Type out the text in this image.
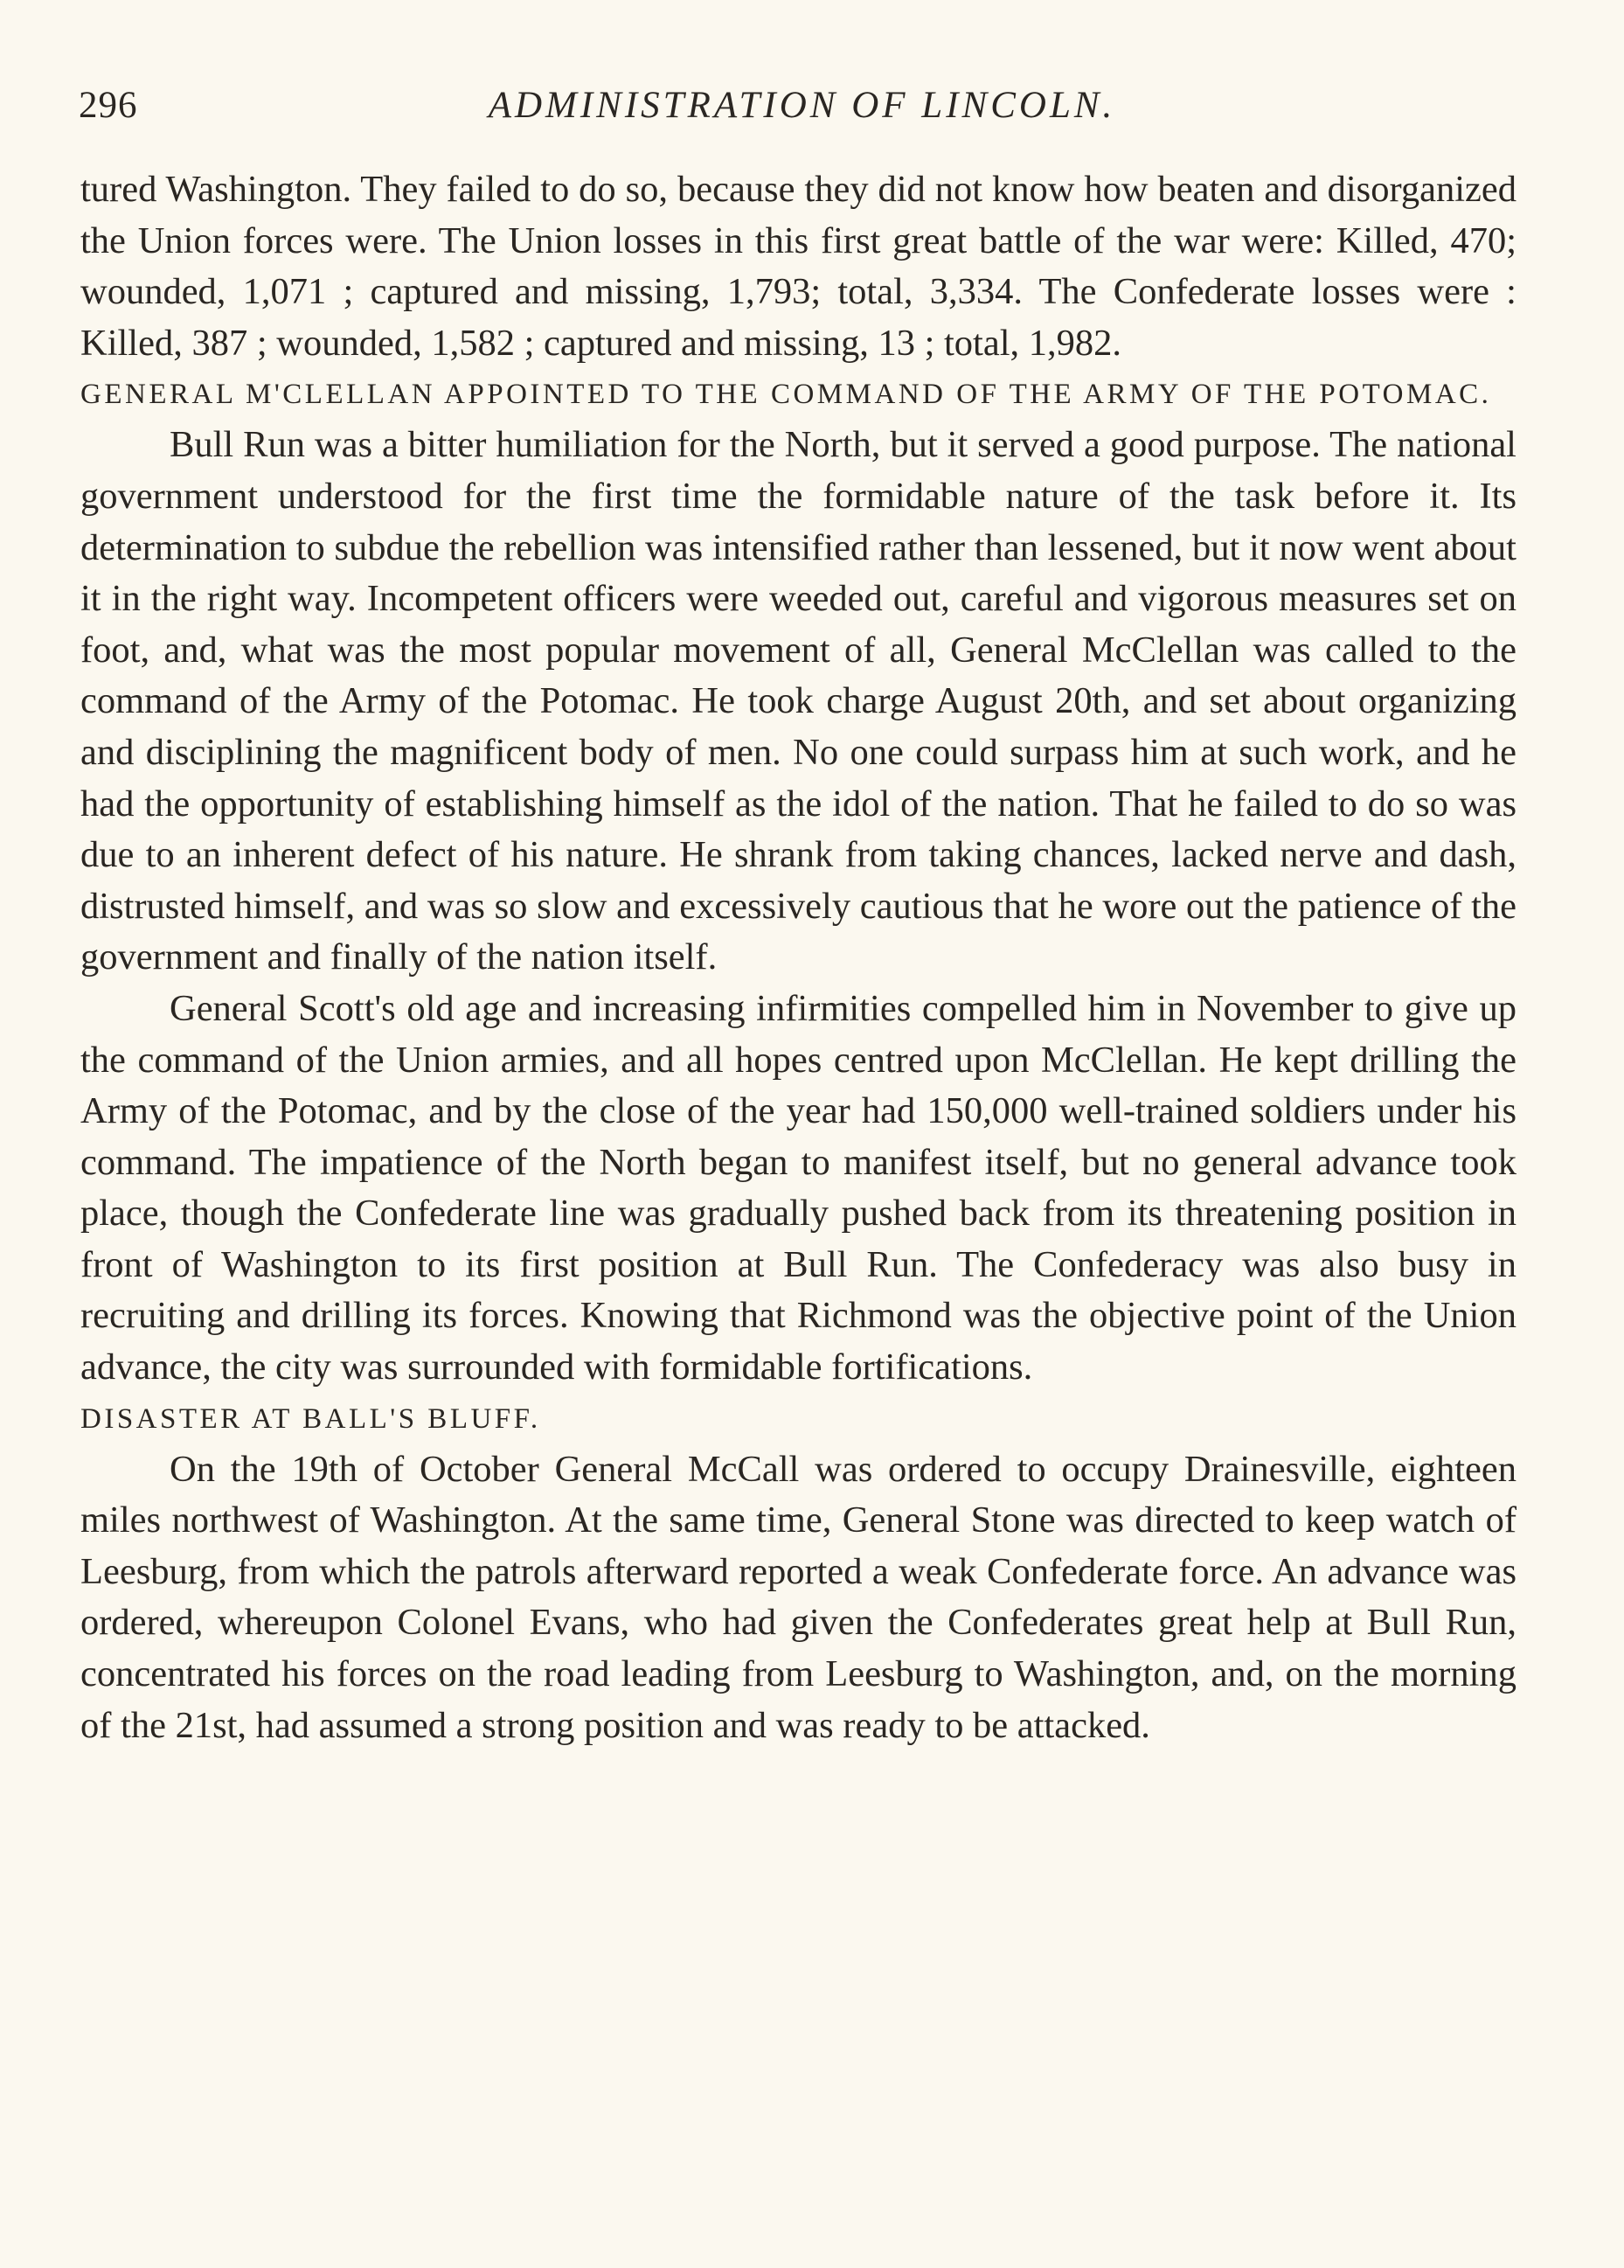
296	ADMINISTRATION OF LINCOLN.

tured Washington. They failed to do so, because they did not know how beaten and disorganized the Union forces were. The Union losses in this first great battle of the war were: Killed, 470; wounded, 1,071 ; captured and missing, 1,793; total, 3,334. The Confederate losses were : Killed, 387 ; wounded, 1,582 ; captured and missing, 13 ; total, 1,982.

GENERAL M'CLELLAN APPOINTED TO THE COMMAND OF THE ARMY OF THE POTOMAC.

Bull Run was a bitter humiliation for the North, but it served a good purpose. The national government understood for the first time the formidable nature of the task before it. Its determination to subdue the rebellion was intensified rather than lessened, but it now went about it in the right way. Incompetent officers were weeded out, careful and vigorous measures set on foot, and, what was the most popular movement of all, General McClellan was called to the command of the Army of the Potomac. He took charge August 20th, and set about organizing and disciplining the magnificent body of men. No one could surpass him at such work, and he had the opportunity of establishing himself as the idol of the nation. That he failed to do so was due to an inherent defect of his nature. He shrank from taking chances, lacked nerve and dash, distrusted himself, and was so slow and excessively cautious that he wore out the patience of the government and finally of the nation itself.

General Scott's old age and increasing infirmities compelled him in November to give up the command of the Union armies, and all hopes centred upon McClellan. He kept drilling the Army of the Potomac, and by the close of the year had 150,000 well-trained soldiers under his command. The impatience of the North began to manifest itself, but no general advance took place, though the Confederate line was gradually pushed back from its threatening position in front of Washington to its first position at Bull Run. The Confederacy was also busy in recruiting and drilling its forces. Knowing that Richmond was the objective point of the Union advance, the city was surrounded with formidable fortifications.

DISASTER AT BALL'S BLUFF.

On the 19th of October General McCall was ordered to occupy Drainesville, eighteen miles northwest of Washington. At the same time, General Stone was directed to keep watch of Leesburg, from which the patrols afterward reported a weak Confederate force. An advance was ordered, whereupon Colonel Evans, who had given the Confederates great help at Bull Run, concentrated his forces on the road leading from Leesburg to Washington, and, on the morning of the 21st, had assumed a strong position and was ready to be attacked.
